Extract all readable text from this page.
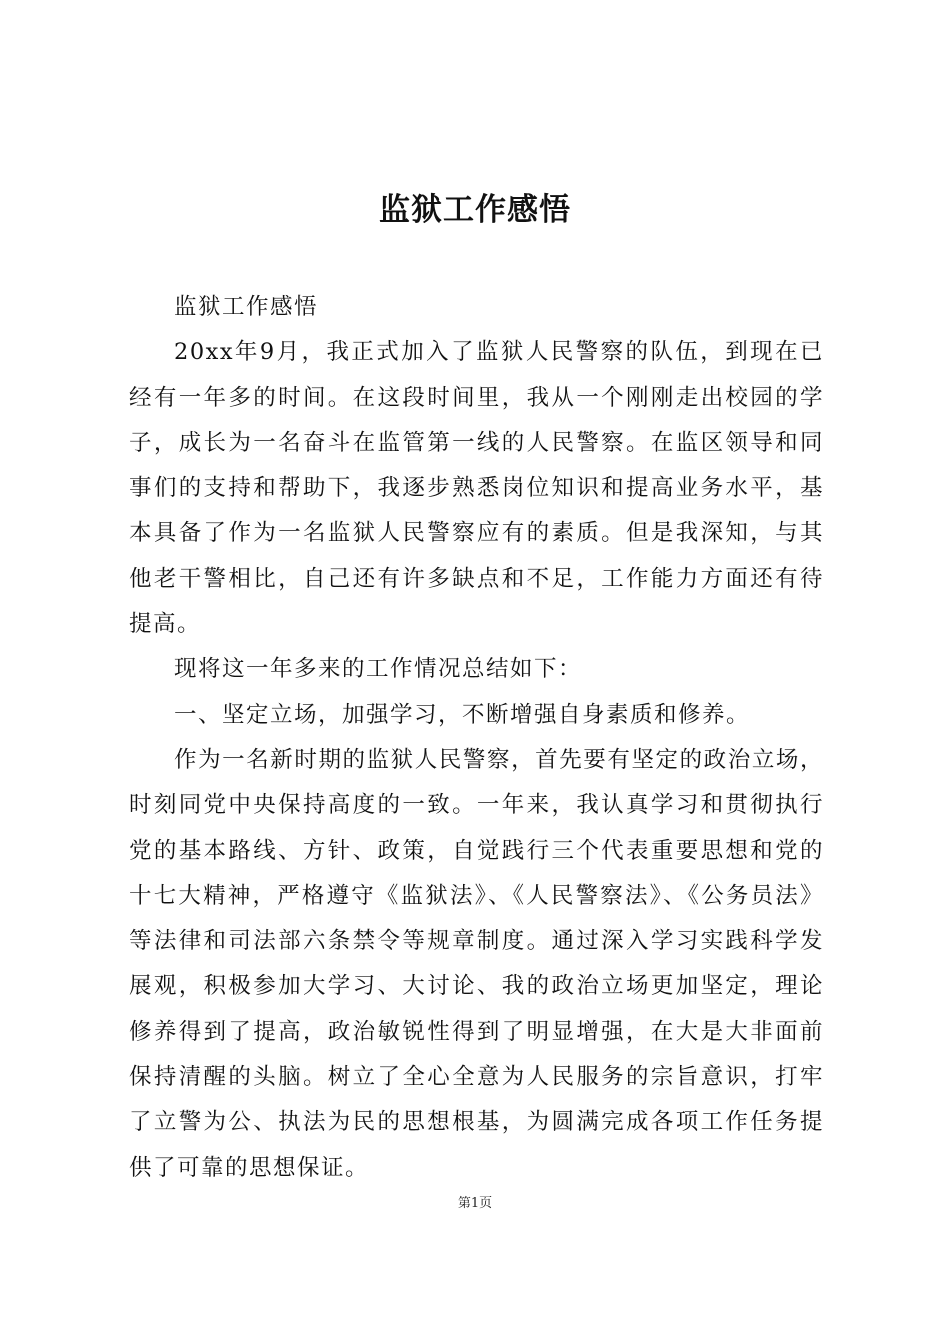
监狱工作感悟

监狱工作感悟

20xx年9月，我正式加入了监狱人民警察的队伍，到现在已经有一年多的时间。在这段时间里，我从一个刚刚走出校园的学子，成长为一名奋斗在监管第一线的人民警察。在监区领导和同事们的支持和帮助下，我逐步熟悉岗位知识和提高业务水平，基本具备了作为一名监狱人民警察应有的素质。但是我深知，与其他老干警相比，自己还有许多缺点和不足，工作能力方面还有待提高。

现将这一年多来的工作情况总结如下：

一、坚定立场，加强学习，不断增强自身素质和修养。

作为一名新时期的监狱人民警察，首先要有坚定的政治立场，时刻同党中央保持高度的一致。一年来，我认真学习和贯彻执行党的基本路线、方针、政策，自觉践行三个代表重要思想和党的十七大精神，严格遵守《监狱法》、《人民警察法》、《公务员法》等法律和司法部六条禁令等规章制度。通过深入学习实践科学发展观，积极参加大学习、大讨论、我的政治立场更加坚定，理论修养得到了提高，政治敏锐性得到了明显增强，在大是大非面前保持清醒的头脑。树立了全心全意为人民服务的宗旨意识，打牢了立警为公、执法为民的思想根基，为圆满完成各项工作任务提供了可靠的思想保证。

第1页
